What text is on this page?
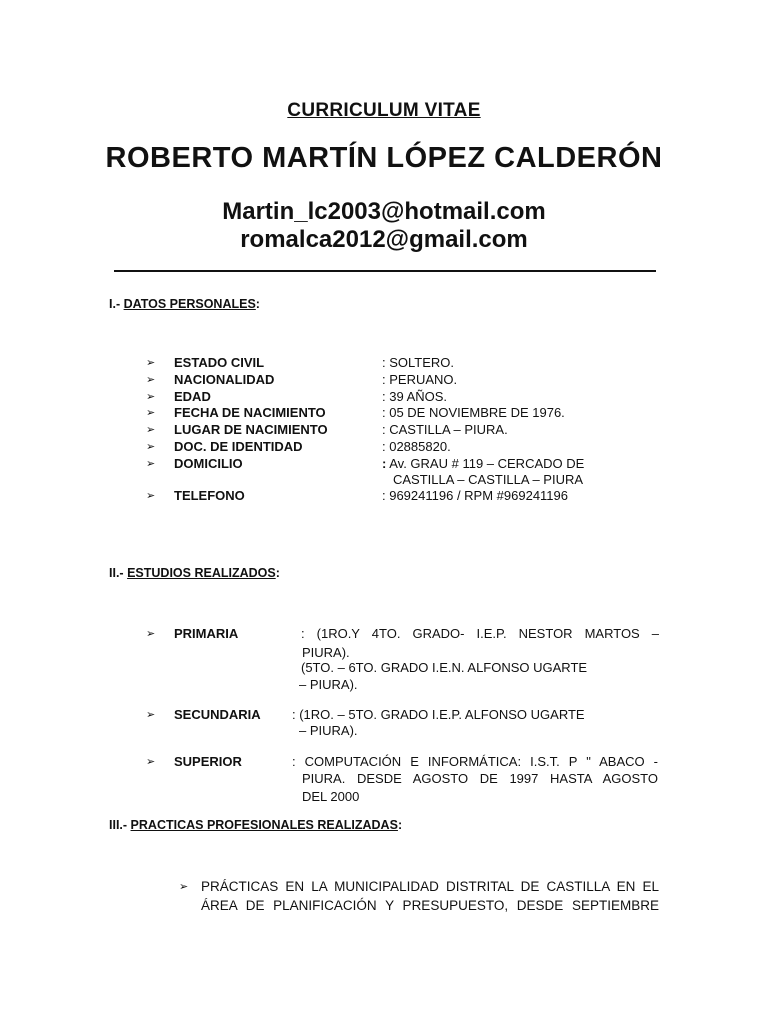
CURRICULUM VITAE
ROBERTO MARTÍN LÓPEZ CALDERÓN
Martin_lc2003@hotmail.com
romalca2012@gmail.com
I.- DATOS PERSONALES:
➢ ESTADO CIVIL	: SOLTERO.
➢ NACIONALIDAD	: PERUANO.
➢ EDAD	: 39 AÑOS.
➢ FECHA DE NACIMIENTO	: 05 DE NOVIEMBRE DE 1976.
➢ LUGAR DE NACIMIENTO	: CASTILLA – PIURA.
➢ DOC. DE IDENTIDAD	: 02885820.
➢ DOMICILIO	: Av. GRAU # 119 – CERCADO DE
CASTILLA – CASTILLA – PIURA
➢ TELEFONO	: 969241196 / RPM #969241196
II.- ESTUDIOS REALIZADOS:
➢ PRIMARIA	: (1RO.Y 4TO. GRADO- I.E.P. NESTOR MARTOS –
PIURA).
(5TO. – 6TO. GRADO I.E.N. ALFONSO UGARTE
– PIURA).
➢ SECUNDARIA : (1RO. – 5TO. GRADO I.E.P. ALFONSO UGARTE
– PIURA).
➢ SUPERIOR	: COMPUTACIÓN E INFORMÁTICA: I.S.T. P " ABACO -
PIURA. DESDE AGOSTO DE 1997 HASTA AGOSTO
DEL 2000
III.- PRACTICAS PROFESIONALES REALIZADAS:
➢ PRÁCTICAS EN LA MUNICIPALIDAD DISTRITAL DE CASTILLA EN EL
ÁREA DE PLANIFICACIÓN Y PRESUPUESTO, DESDE SEPTIEMBRE
